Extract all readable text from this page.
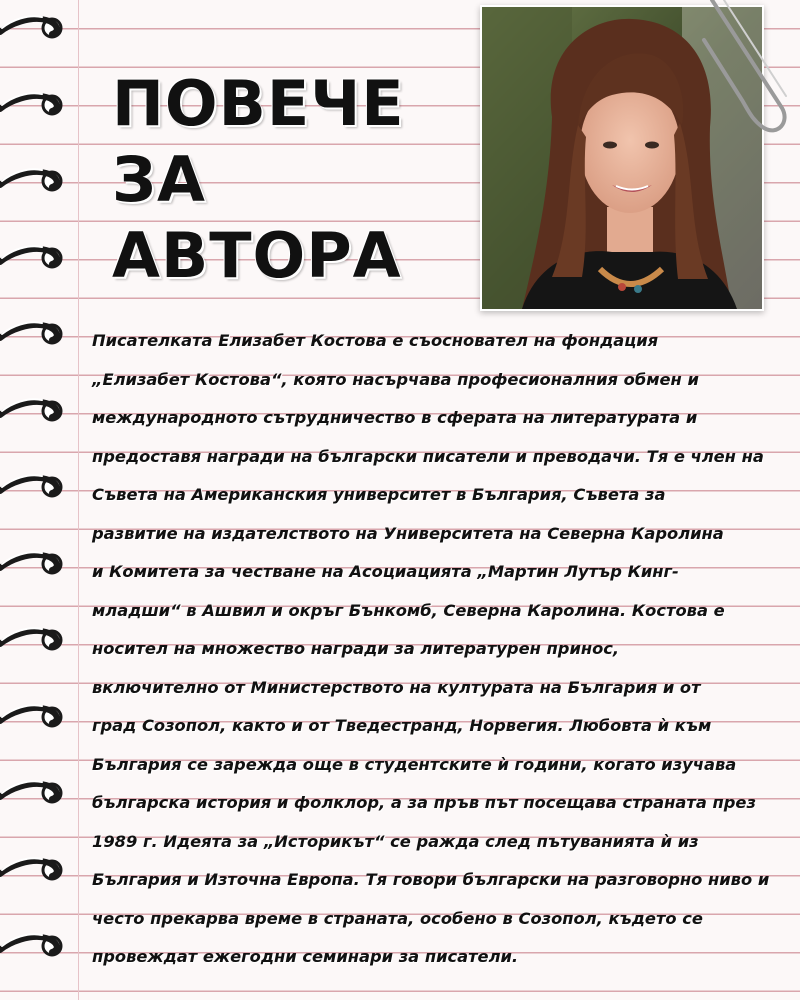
ПОВЕЧЕ
ЗА
АВТОРА
Писателката Елизабет Костова е съосновател на фондация
„Елизабет Костова“, която насърчава професионалния обмен и
международното сътрудничество в сферата на литературата и
предоставя награди на български писатели и преводачи. Тя е член на
Съвета на Американския университет в България, Съвета за
развитие на издателството на Университета на Северна Каролина
и Комитета за честване на Асоциацията „Мартин Лутър Кинг-
младши“ в Ашвил и окръг Бънкомб, Северна Каролина. Костова е
носител на множество награди за литературен принос,
включително от Министерството на културата на България и от
град Созопол, както и от Тведестранд, Норвегия. Любовта ѝ към
България се зарежда още в студентските ѝ години, когато изучава
българска история и фолклор, а за пръв път посещава страната през
1989 г. Идеята за „Историкът“ се ражда след пътуванията ѝ из
България и Източна Европа. Тя говори български на разговорно ниво и
често прекарва време в страната, особено в Созопол, където се
провеждат ежегодни семинари за писатели.
